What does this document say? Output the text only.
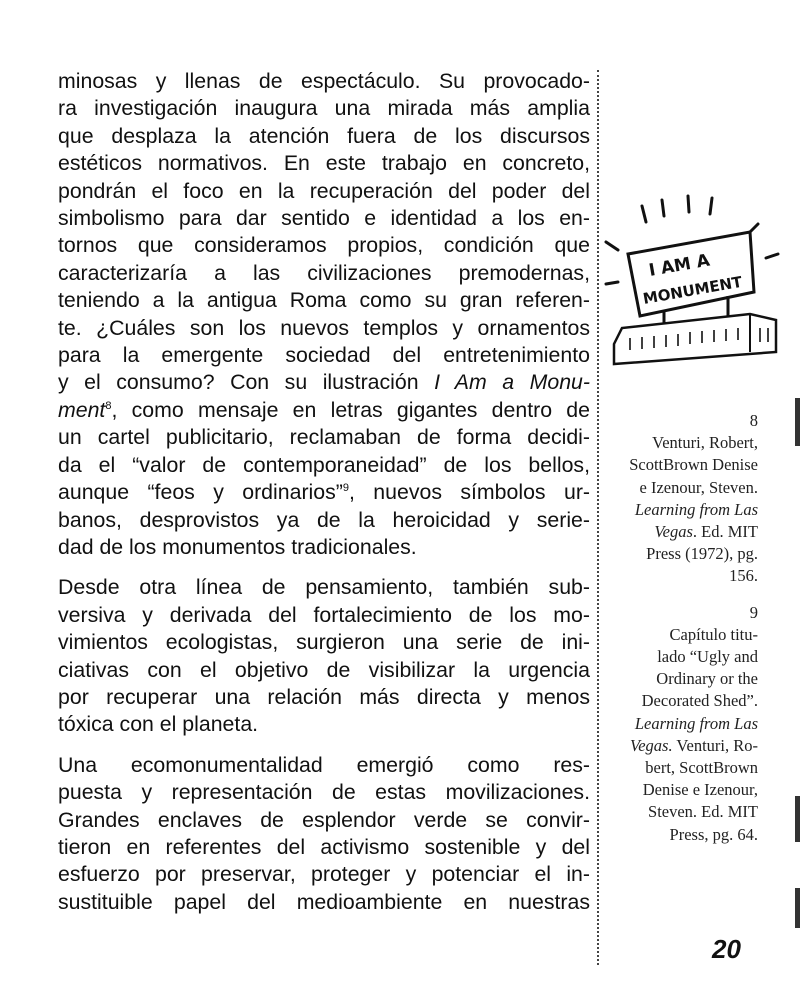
minosas y llenas de espectáculo. Su provocado-
ra investigación inaugura una mirada más amplia
que desplaza la atención fuera de los discursos
estéticos normativos. En este trabajo en concreto,
pondrán el foco en la recuperación del poder del
simbolismo para dar sentido e identidad a los en-
tornos que consideramos propios, condición que
caracterizaría a las civilizaciones premodernas,
teniendo a la antigua Roma como su gran referen-
te. ¿Cuáles son los nuevos templos y ornamentos
para la emergente sociedad del entretenimiento
y el consumo? Con su ilustración I Am a Monu-
ment$^8$, como mensaje en letras gigantes dentro de
un cartel publicitario, reclamaban de forma decidi-
da el “valor de contemporaneidad” de los bellos,
aunque “feos y ordinarios”$^9$, nuevos símbolos ur-
banos, desprovistos ya de la heroicidad y serie-
dad de los monumentos tradicionales.

Desde otra línea de pensamiento, también sub-
versiva y derivada del fortalecimiento de los mo-
vimientos ecologistas, surgieron una serie de ini-
ciativas con el objetivo de visibilizar la urgencia
por recuperar una relación más directa y menos
tóxica con el planeta.

Una ecomonumentalidad emergió como res-
puesta y representación de estas movilizaciones.
Grandes enclaves de esplendor verde se convir-
tieron en referentes del activismo sostenible y del
esfuerzo por preservar, proteger y potenciar el in-
sustituible papel del medioambiente en nuestras

I AM A
MONUMENT
8
Venturi, Robert,
ScottBrown Denise
e Izenour, Steven.
Learning from Las
Vegas. Ed. MIT
Press (1972), pg.
156.
9
Capítulo titu-
lado “Ugly and
Ordinary or the
Decorated Shed”.
Learning from Las
Vegas. Venturi, Ro-
bert, ScottBrown
Denise e Izenour,
Steven. Ed. MIT
Press, pg. 64.
20
